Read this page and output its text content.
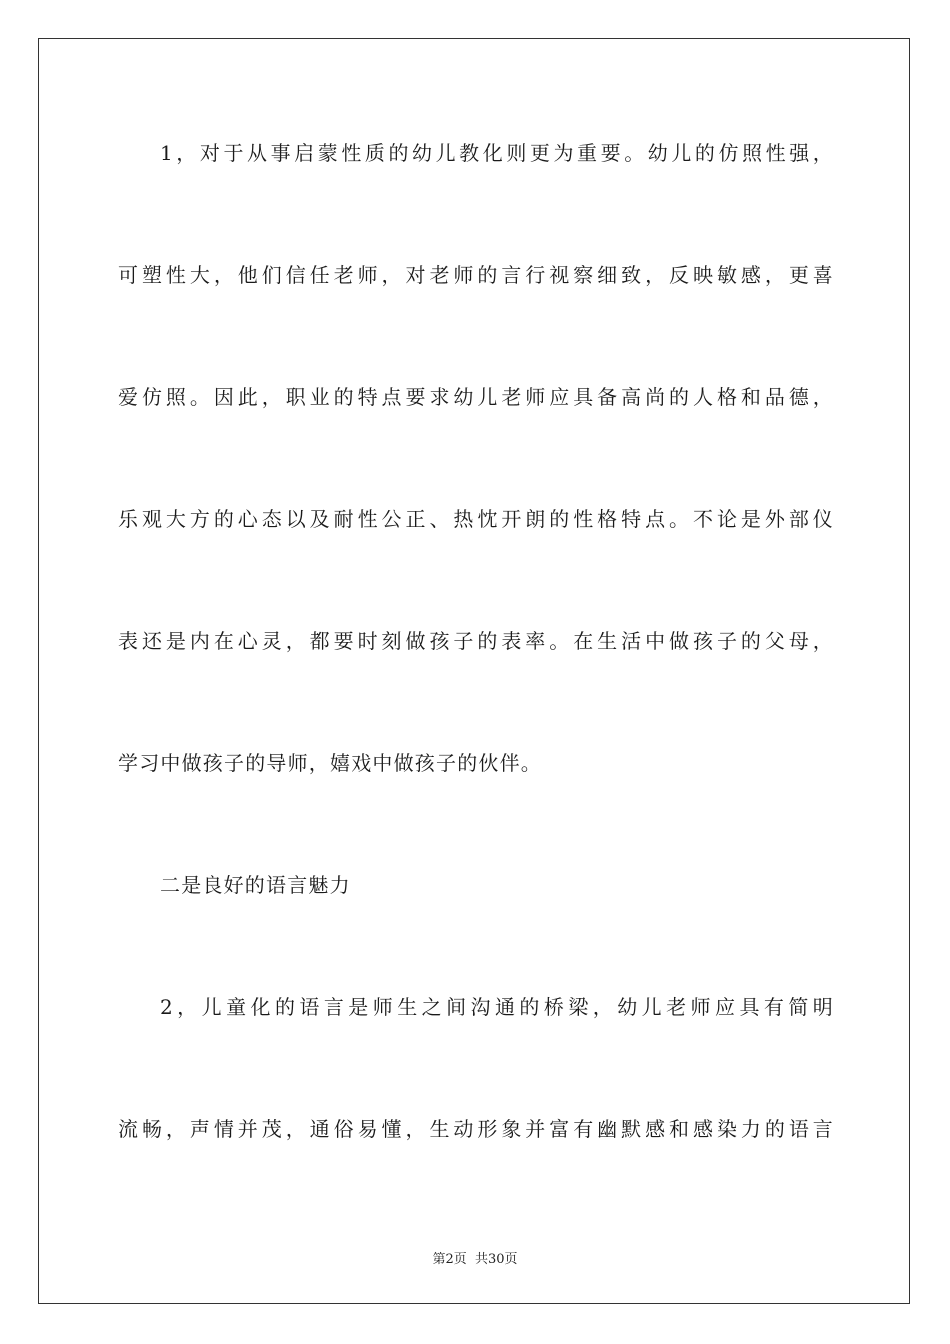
1，对于从事启蒙性质的幼儿教化则更为重要。幼儿的仿照性强，

可塑性大，他们信任老师，对老师的言行视察细致，反映敏感，更喜

爱仿照。因此，职业的特点要求幼儿老师应具备高尚的人格和品德，

乐观大方的心态以及耐性公正、热忱开朗的性格特点。不论是外部仪

表还是内在心灵，都要时刻做孩子的表率。在生活中做孩子的父母，

学习中做孩子的导师，嬉戏中做孩子的伙伴。

二是良好的语言魅力

2，儿童化的语言是师生之间沟通的桥梁，幼儿老师应具有简明

流畅，声情并茂，通俗易懂，生动形象并富有幽默感和感染力的语言

第2页 共30页
